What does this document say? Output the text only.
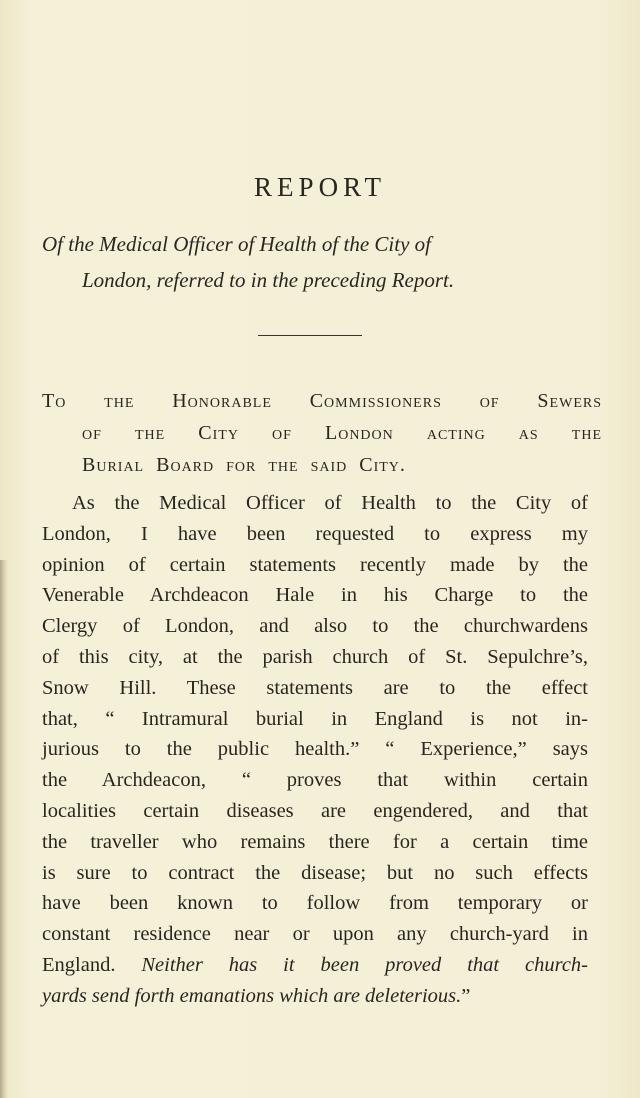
REPORT
Of the Medical Officer of Health of the City of
London, referred to in the preceding Report.
To the Honorable Commissioners of Sewers
of the City of London acting as the
Burial Board for the said City.
As the Medical Officer of Health to the City of
London, I have been requested to express my
opinion of certain statements recently made by the
Venerable Archdeacon Hale in his Charge to the
Clergy of London, and also to the churchwardens
of this city, at the parish church of St. Sepulchre’s,
Snow Hill. These statements are to the effect
that, “ Intramural burial in England is not in-
jurious to the public health.” “ Experience,” says
the Archdeacon, “ proves that within certain
localities certain diseases are engendered, and that
the traveller who remains there for a certain time
is sure to contract the disease; but no such effects
have been known to follow from temporary or
constant residence near or upon any church-yard in
England. Neither has it been proved that church-
yards send forth emanations which are deleterious.”
